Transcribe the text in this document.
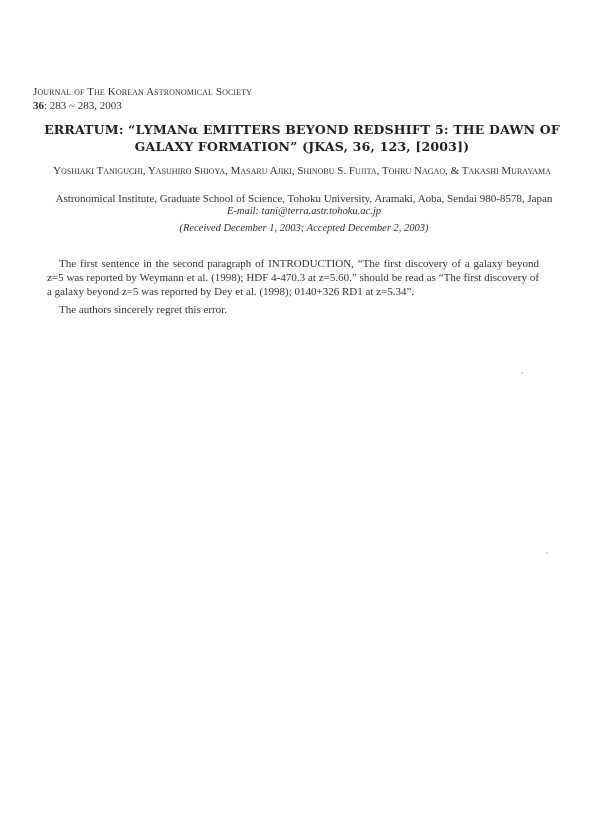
Journal of The Korean Astronomical Society
36: 283 ~ 283, 2003
ERRATUM: “LYMANα EMITTERS BEYOND REDSHIFT 5: THE DAWN OF GALAXY FORMATION” (JKAS, 36, 123, [2003])
Yoshiaki Taniguchi, Yasuhiro Shioya, Masaru Ajiki, Shinobu S. Fujita, Tohru Nagao, & Takashi Murayama
Astronomical Institute, Graduate School of Science, Tohoku University, Aramaki, Aoba, Sendai 980-8578, Japan
E-mail: tani@terra.astr.tohoku.ac.jp
(Received December 1, 2003; Accepted December 2, 2003)
The first sentence in the second paragraph of INTRODUCTION, “The first discovery of a galaxy beyond z=5 was reported by Weymann et al. (1998); HDF 4-470.3 at z=5.60.” should be read as “The first discovery of a galaxy beyond z=5 was reported by Dey et al. (1998); 0140+326 RD1 at z=5.34”.
The authors sincerely regret this error.
